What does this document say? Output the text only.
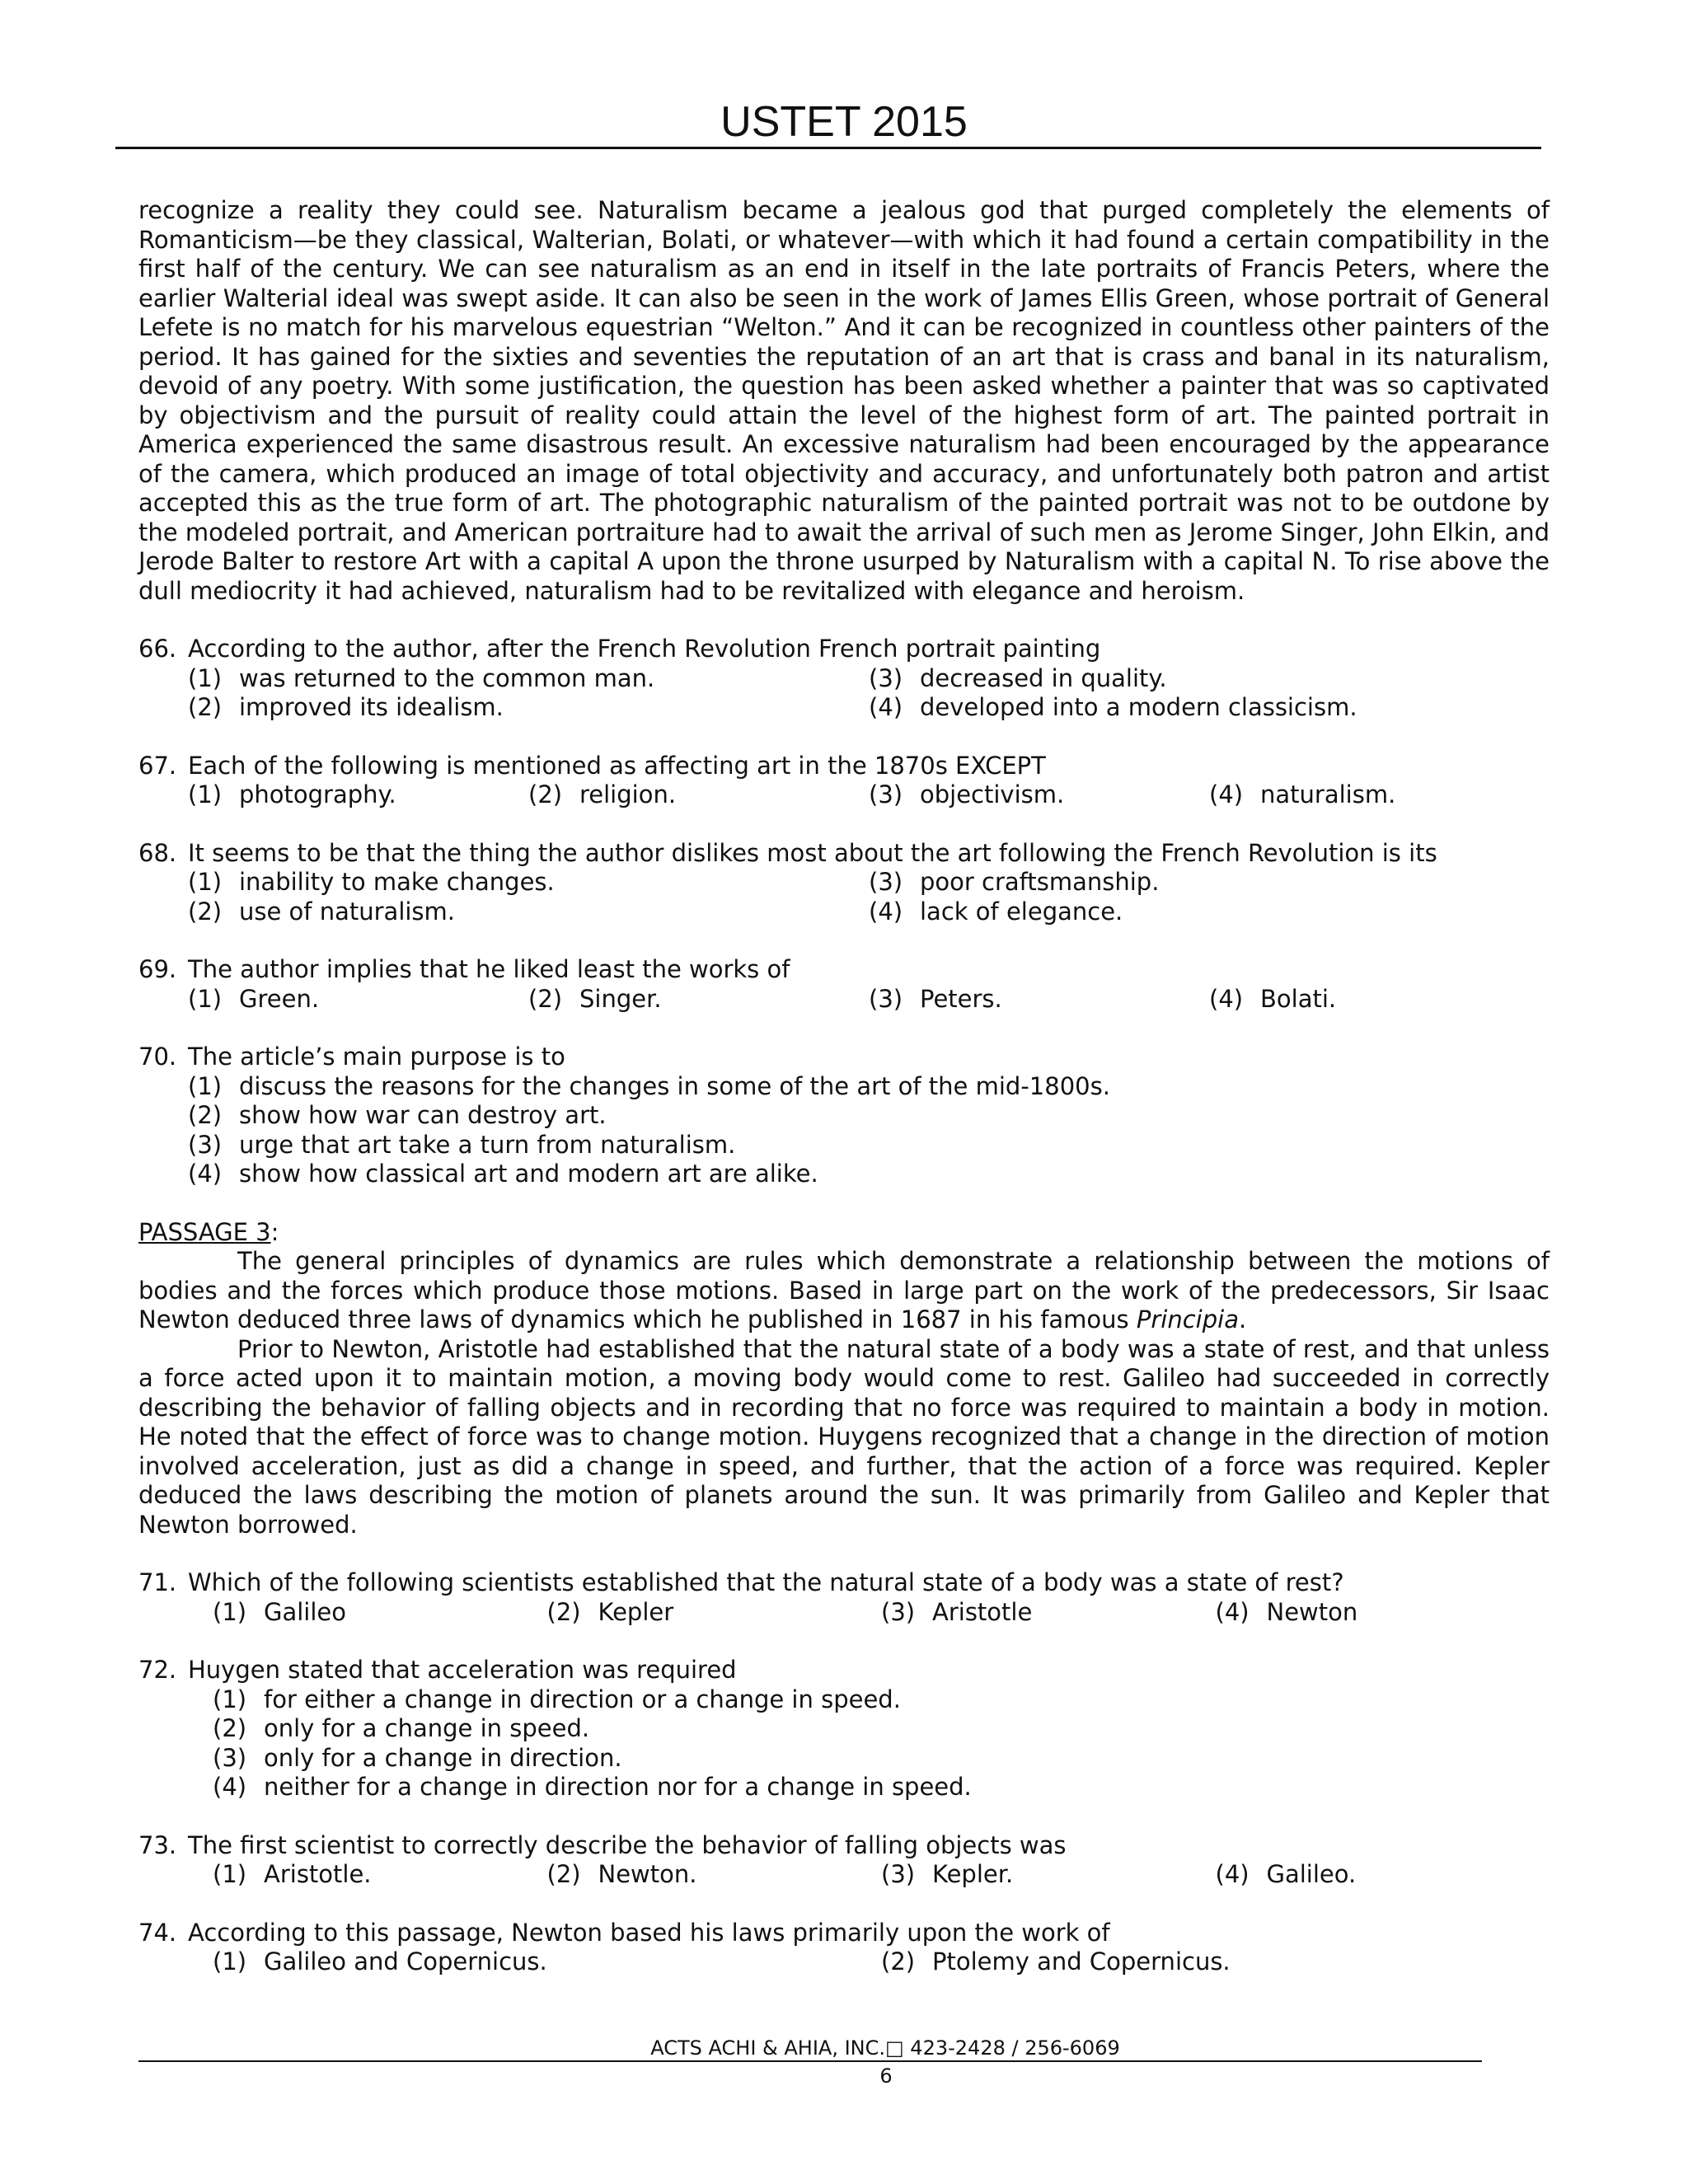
USTET 2015

recognize a reality they could see. Naturalism became a jealous god that purged completely the elements of Romanticism—be they classical, Walterian, Bolati, or whatever—with which it had found a certain compatibility in the first half of the century. We can see naturalism as an end in itself in the late portraits of Francis Peters, where the earlier Walterial ideal was swept aside. It can also be seen in the work of James Ellis Green, whose portrait of General Lefete is no match for his marvelous equestrian “Welton.” And it can be recognized in countless other painters of the period. It has gained for the sixties and seventies the reputation of an art that is crass and banal in its naturalism, devoid of any poetry. With some justification, the question has been asked whether a painter that was so captivated by objectivism and the pursuit of reality could attain the level of the highest form of art. The painted portrait in America experienced the same disastrous result. An excessive naturalism had been encouraged by the appearance of the camera, which produced an image of total objectivity and accuracy, and unfortunately both patron and artist accepted this as the true form of art. The photographic naturalism of the painted portrait was not to be outdone by the modeled portrait, and American portraiture had to await the arrival of such men as Jerome Singer, John Elkin, and Jerode Balter to restore Art with a capital A upon the throne usurped by Naturalism with a capital N. To rise above the dull mediocrity it had achieved, naturalism had to be revitalized with elegance and heroism.

66. According to the author, after the French Revolution French portrait painting
(1) was returned to the common man.	(3) decreased in quality.
(2) improved its idealism.	(4) developed into a modern classicism.
67. Each of the following is mentioned as affecting art in the 1870s EXCEPT
(1) photography.	(2) religion.	(3) objectivism.	(4) naturalism.
68. It seems to be that the thing the author dislikes most about the art following the French Revolution is its
(1) inability to make changes.	(3) poor craftsmanship.
(2) use of naturalism.	(4) lack of elegance.
69. The author implies that he liked least the works of
(1) Green.	(2) Singer.	(3) Peters.	(4) Bolati.
70. The article’s main purpose is to
(1) discuss the reasons for the changes in some of the art of the mid-1800s.
(2) show how war can destroy art.
(3) urge that art take a turn from naturalism.
(4) show how classical art and modern art are alike.
PASSAGE 3:

The general principles of dynamics are rules which demonstrate a relationship between the motions of bodies and the forces which produce those motions. Based in large part on the work of the predecessors, Sir Isaac Newton deduced three laws of dynamics which he published in 1687 in his famous Principia.

Prior to Newton, Aristotle had established that the natural state of a body was a state of rest, and that unless a force acted upon it to maintain motion, a moving body would come to rest. Galileo had succeeded in correctly describing the behavior of falling objects and in recording that no force was required to maintain a body in motion. He noted that the effect of force was to change motion. Huygens recognized that a change in the direction of motion involved acceleration, just as did a change in speed, and further, that the action of a force was required. Kepler deduced the laws describing the motion of planets around the sun. It was primarily from Galileo and Kepler that Newton borrowed.

71. Which of the following scientists established that the natural state of a body was a state of rest?
(1) Galileo	(2) Kepler	(3) Aristotle	(4) Newton
72. Huygen stated that acceleration was required
(1) for either a change in direction or a change in speed.
(2) only for a change in speed.
(3) only for a change in direction.
(4) neither for a change in direction nor for a change in speed.
73. The first scientist to correctly describe the behavior of falling objects was
(1) Aristotle.	(2) Newton.	(3) Kepler.	(4) Galileo.
74. According to this passage, Newton based his laws primarily upon the work of
(1) Galileo and Copernicus.	(2) Ptolemy and Copernicus.
ACTS ACHI & AHIA, INC.□ 423-2428 / 256-6069
6
